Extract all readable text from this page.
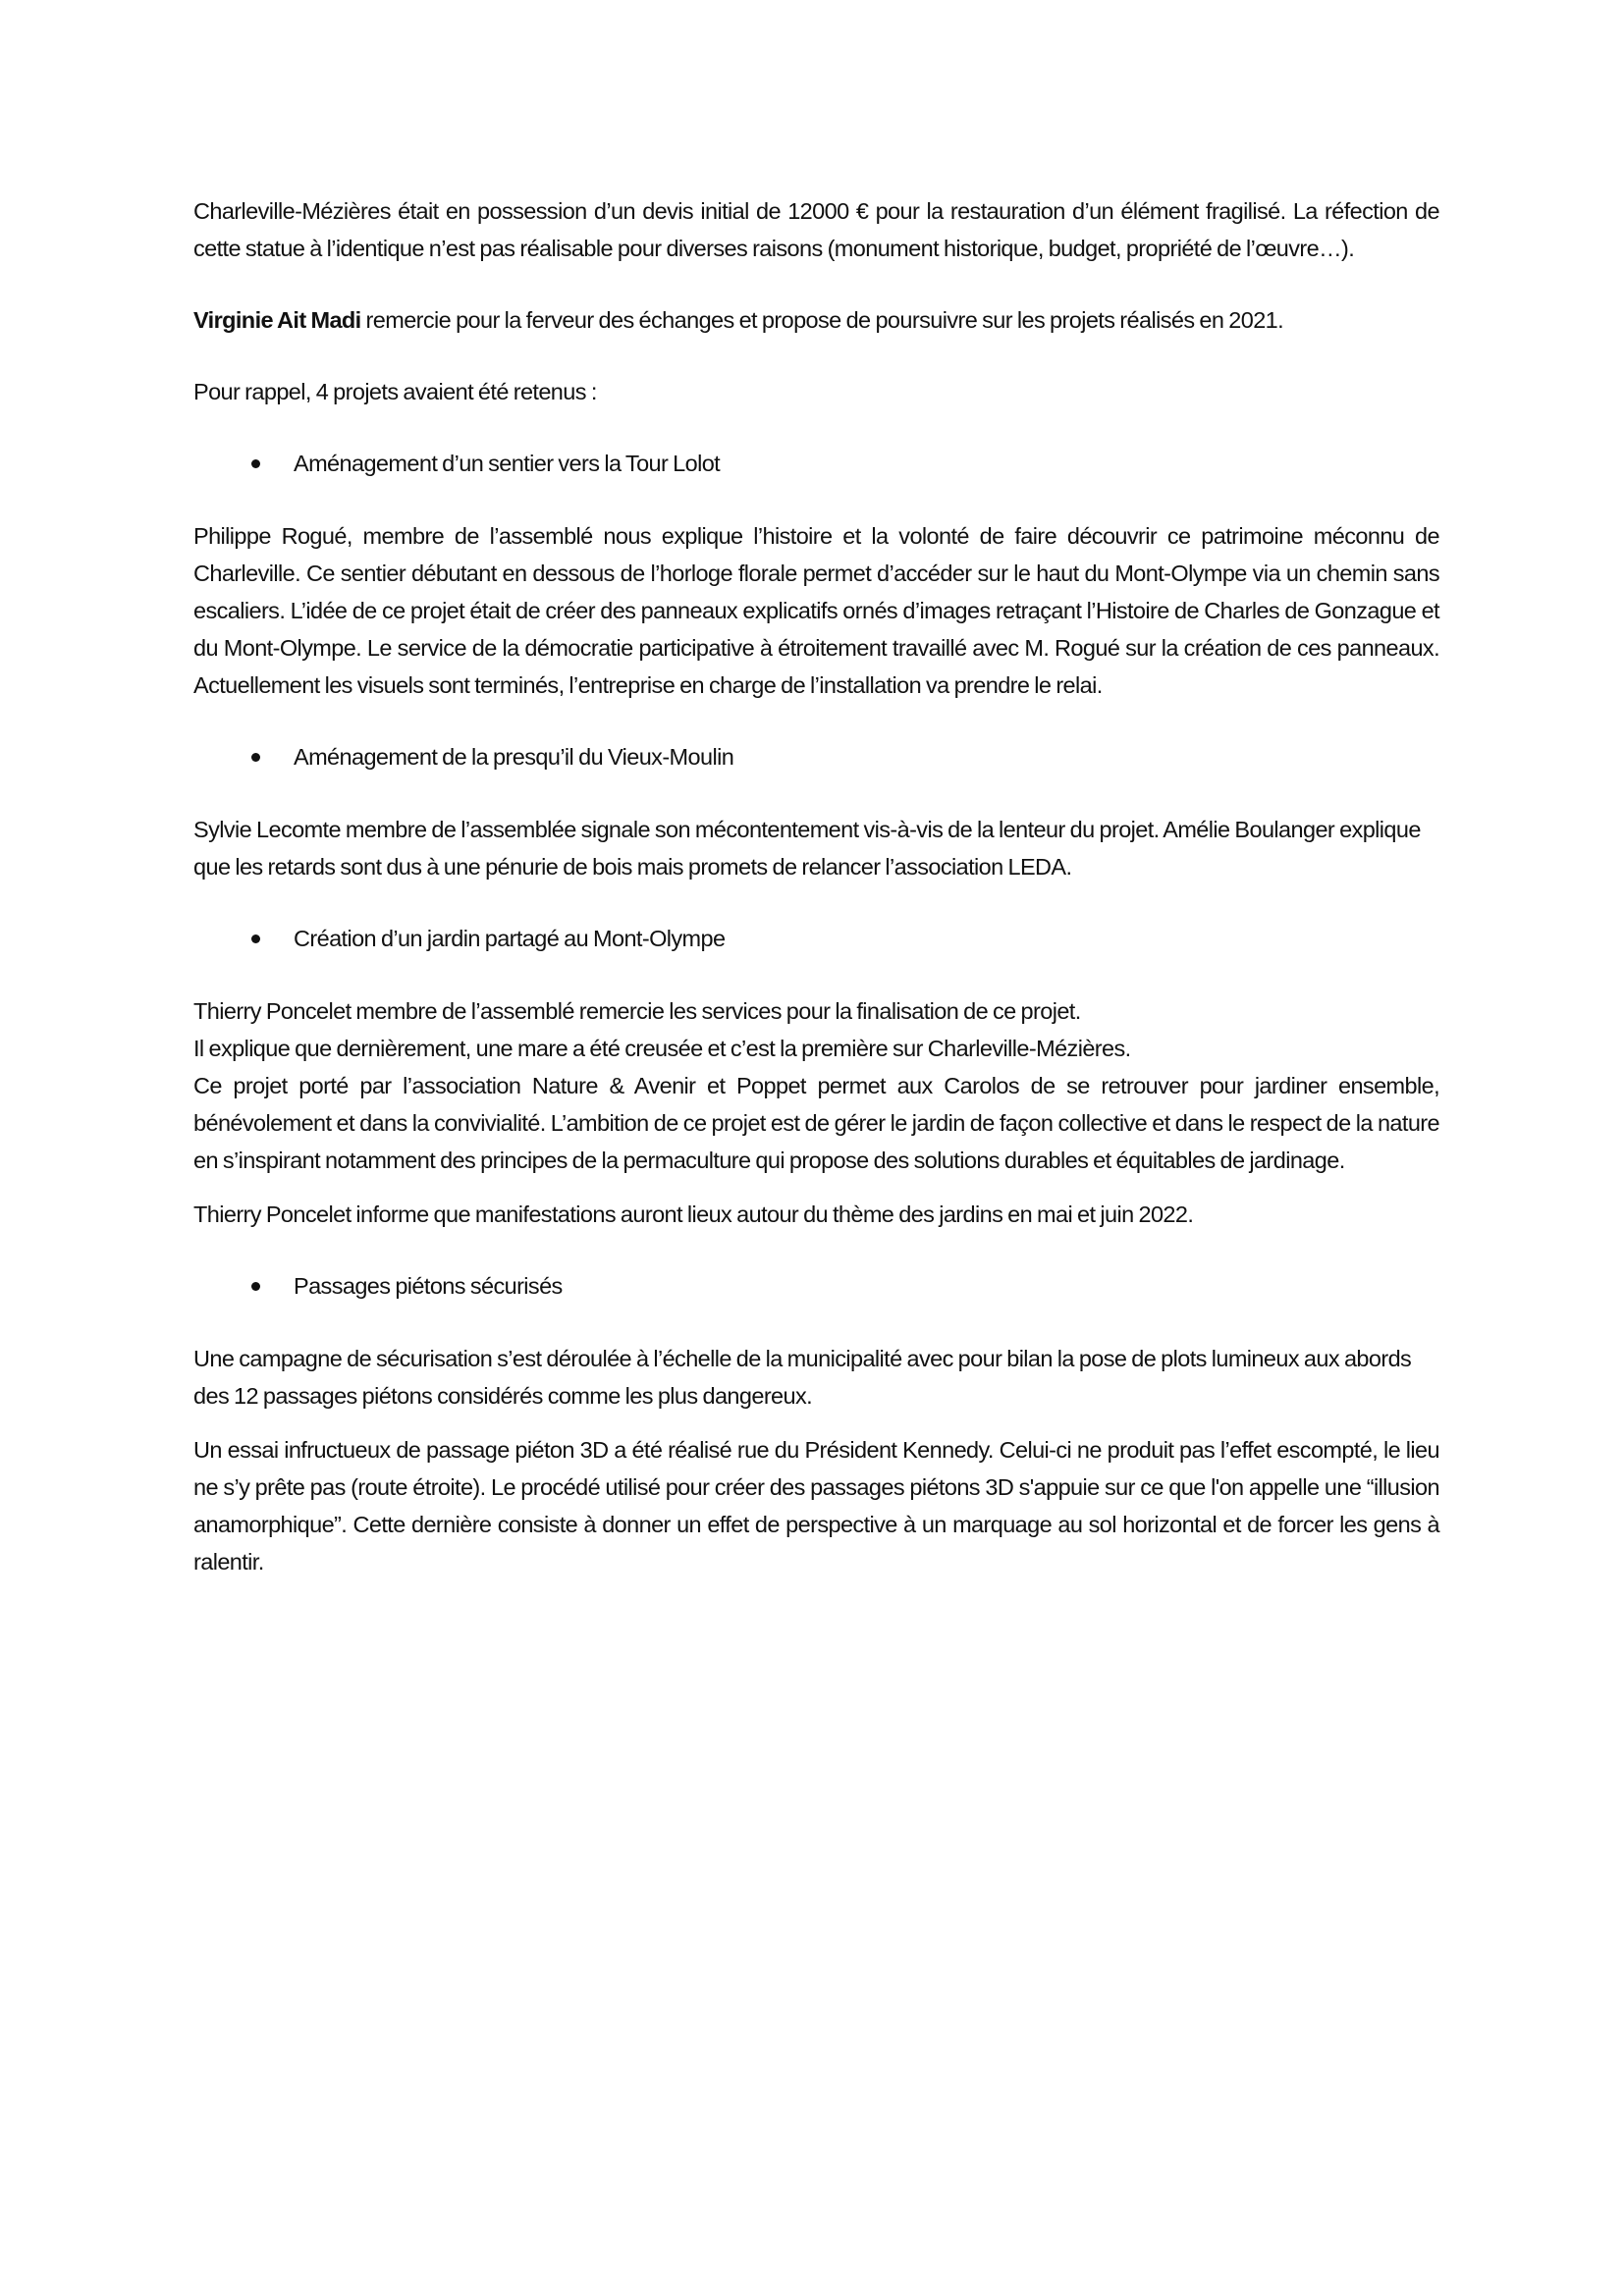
Charleville-Mézières était en possession d’un devis initial de 12000 € pour la restauration d’un élément fragilisé. La réfection de cette statue à l’identique n’est pas réalisable pour diverses raisons (monument historique, budget, propriété de l’œuvre…).

Virginie Ait Madi remercie pour la ferveur des échanges et propose de poursuivre sur les projets réalisés en 2021.

Pour rappel, 4 projets avaient été retenus :

Aménagement d’un sentier vers la Tour Lolot

Philippe Rogué, membre de l’assemblé nous explique l’histoire et la volonté de faire découvrir ce patrimoine méconnu de Charleville. Ce sentier débutant en dessous de l’horloge florale permet d’accéder sur le haut du Mont-Olympe via un chemin sans escaliers. L’idée de ce projet était de créer des panneaux explicatifs ornés d’images retraçant l’Histoire de Charles de Gonzague et du Mont-Olympe. Le service de la démocratie participative à étroitement travaillé avec M. Rogué sur la création de ces panneaux. Actuellement les visuels sont terminés, l’entreprise en charge de l’installation va prendre le relai.

Aménagement de la presqu’il du Vieux-Moulin

Sylvie Lecomte membre de l’assemblée signale son mécontentement vis-à-vis de la lenteur du projet. Amélie Boulanger explique que les retards sont dus à une pénurie de bois mais promets de relancer l’association LEDA.

Création d’un jardin partagé au Mont-Olympe

Thierry Poncelet membre de l’assemblé remercie les services pour la finalisation de ce projet.

Il explique que dernièrement, une mare a été creusée et c’est la première sur Charleville-Mézières.

Ce projet porté par l’association Nature & Avenir et Poppet permet aux Carolos de se retrouver pour jardiner ensemble, bénévolement et dans la convivialité. L’ambition de ce projet est de gérer le jardin de façon collective et dans le respect de la nature en s’inspirant notamment des principes de la permaculture qui propose des solutions durables et équitables de jardinage.

Thierry Poncelet informe que manifestations auront lieux autour du thème des jardins en mai et juin 2022.

Passages piétons sécurisés

Une campagne de sécurisation s’est déroulée à l’échelle de la municipalité avec pour bilan la pose de plots lumineux aux abords des 12 passages piétons considérés comme les plus dangereux.

Un essai infructueux de passage piéton 3D a été réalisé rue du Président Kennedy. Celui-ci ne produit pas l’effet escompté, le lieu ne s’y prête pas (route étroite). Le procédé utilisé pour créer des passages piétons 3D s'appuie sur ce que l'on appelle une “illusion anamorphique”. Cette dernière consiste à donner un effet de perspective à un marquage au sol horizontal et de forcer les gens à ralentir.
